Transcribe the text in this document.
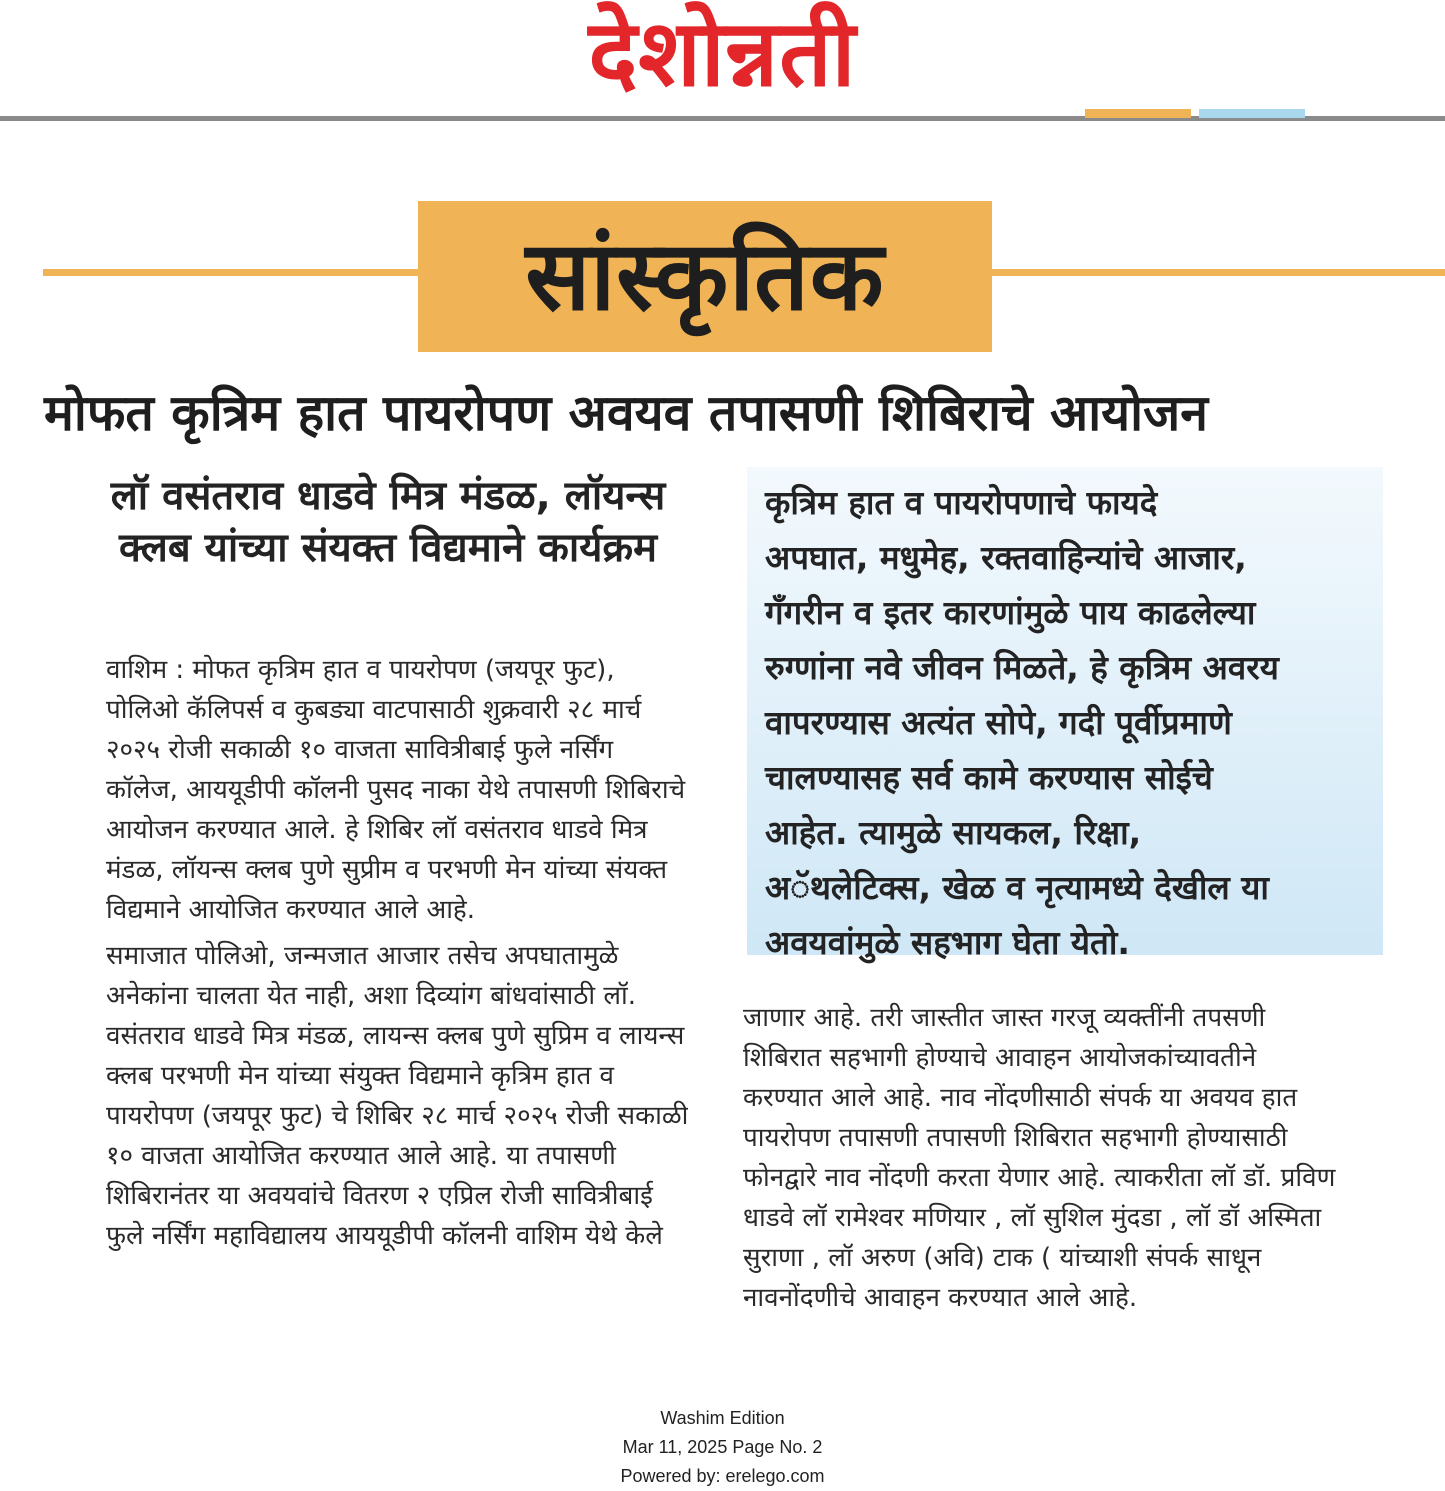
देशोन्नती
सांस्कृतिक
मोफत कृत्रिम हात पायरोपण अवयव तपासणी शिबिराचे आयोजन
लॉ वसंतराव धाडवे मित्र मंडळ, लॉयन्स
क्लब यांच्या संयक्त विद्यमाने कार्यक्रम
वाशिम : मोफत कृत्रिम हात व पायरोपण (जयपूर फुट),
पोलिओ कॅलिपर्स व कुबड्या वाटपासाठी शुक्रवारी २८ मार्च
२०२५ रोजी सकाळी १० वाजता सावित्रीबाई फुले नर्सिंग
कॉलेज, आययूडीपी कॉलनी पुसद नाका येथे तपासणी शिबिराचे
आयोजन करण्यात आले. हे शिबिर लॉ वसंतराव धाडवे मित्र
मंडळ, लॉयन्स क्लब पुणे सुप्रीम व परभणी मेन यांच्या संयक्त
विद्यमाने आयोजित करण्यात आले आहे.
समाजात पोलिओ, जन्मजात आजार तसेच अपघातामुळे
अनेकांना चालता येत नाही, अशा दिव्यांग बांधवांसाठी लॉ.
वसंतराव धाडवे मित्र मंडळ, लायन्स क्लब पुणे सुप्रिम व लायन्स
क्लब परभणी मेन यांच्या संयुक्त विद्यमाने कृत्रिम हात व
पायरोपण (जयपूर फुट) चे शिबिर २८ मार्च २०२५ रोजी सकाळी
१० वाजता आयोजित करण्यात आले आहे. या तपासणी
शिबिरानंतर या अवयवांचे वितरण २ एप्रिल रोजी सावित्रीबाई
फुले नर्सिंग महाविद्यालय आययूडीपी कॉलनी वाशिम येथे केले
कृत्रिम हात व पायरोपणाचे फायदे
अपघात, मधुमेह, रक्तवाहिन्यांचे आजार,
गँगरीन व इतर कारणांमुळे पाय काढलेल्या
रुग्णांना नवे जीवन मिळते, हे कृत्रिम अवरय
वापरण्यास अत्यंत सोपे, गदी पूर्वीप्रमाणे
चालण्यासह सर्व कामे करण्यास सोईचे
आहेत. त्यामुळे सायकल, रिक्षा,
अॅथलेटिक्स, खेळ व नृत्यामध्ये देखील या
अवयवांमुळे सहभाग घेता येतो.
जाणार आहे. तरी जास्तीत जास्त गरजू व्यक्तींनी तपसणी
शिबिरात सहभागी होण्याचे आवाहन आयोजकांच्यावतीने
करण्यात आले आहे. नाव नोंदणीसाठी संपर्क या अवयव हात
पायरोपण तपासणी तपासणी शिबिरात सहभागी होण्यासाठी
फोनद्वारे नाव नोंदणी करता येणार आहे. त्याकरीता लॉ डॉ. प्रविण
धाडवे लॉ रामेश्वर मणियार , लॉ सुशिल मुंदडा , लॉ डॉ अस्मिता
सुराणा , लॉ अरुण (अवि) टाक ( यांच्याशी संपर्क साधून
नावनोंदणीचे आवाहन करण्यात आले आहे.
Washim Edition
Mar 11, 2025 Page No. 2
Powered by: erelego.com
